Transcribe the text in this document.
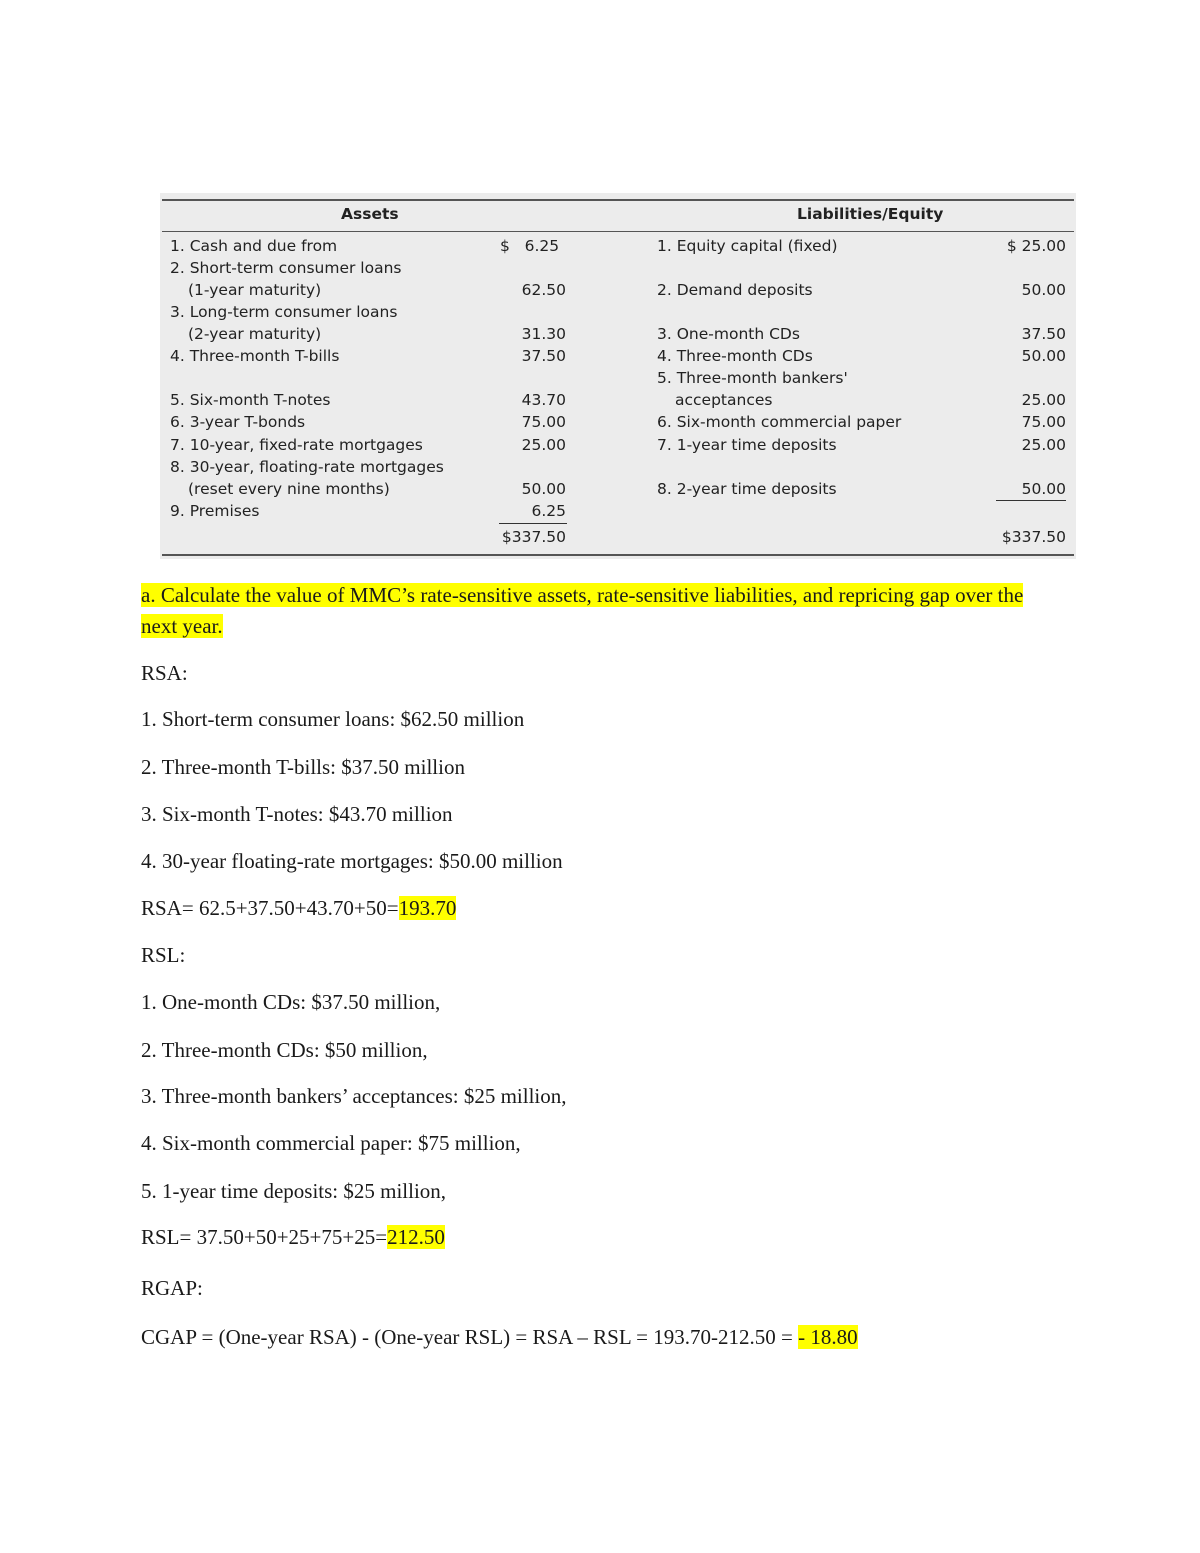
Assets	Liabilities/Equity
1. Cash and due from	$   6.25
2. Short-term consumer loans
(1-year maturity)	62.50
3. Long-term consumer loans
(2-year maturity)	31.30
4. Three-month T-bills	37.50
5. Six-month T-notes	43.70
6. 3-year T-bonds	75.00
7. 10-year, fixed-rate mortgages	25.00
8. 30-year, floating-rate mortgages
(reset every nine months)	50.00
9. Premises	6.25
$337.50
1. Equity capital (fixed)	$ 25.00
2. Demand deposits	50.00
3. One-month CDs	37.50
4. Three-month CDs	50.00
5. Three-month bankers'
acceptances	25.00
6. Six-month commercial paper	75.00
7. 1-year time deposits	25.00
8. 2-year time deposits	50.00
$337.50
a. Calculate the value of MMC’s rate-sensitive assets, rate-sensitive liabilities, and repricing gap over the next year.
RSA:
1. Short-term consumer loans: $62.50 million
2. Three-month T-bills: $37.50 million
3. Six-month T-notes: $43.70 million
4. 30-year floating-rate mortgages: $50.00 million
RSA= 62.5+37.50+43.70+50=193.70
RSL:
1. One-month CDs: $37.50 million,
2. Three-month CDs: $50 million,
3. Three-month bankers’ acceptances: $25 million,
4. Six-month commercial paper: $75 million,
5. 1-year time deposits: $25 million,
RSL= 37.50+50+25+75+25=212.50
RGAP:
CGAP = (One-year RSA) - (One-year RSL) = RSA – RSL = 193.70-212.50 = - 18.80
